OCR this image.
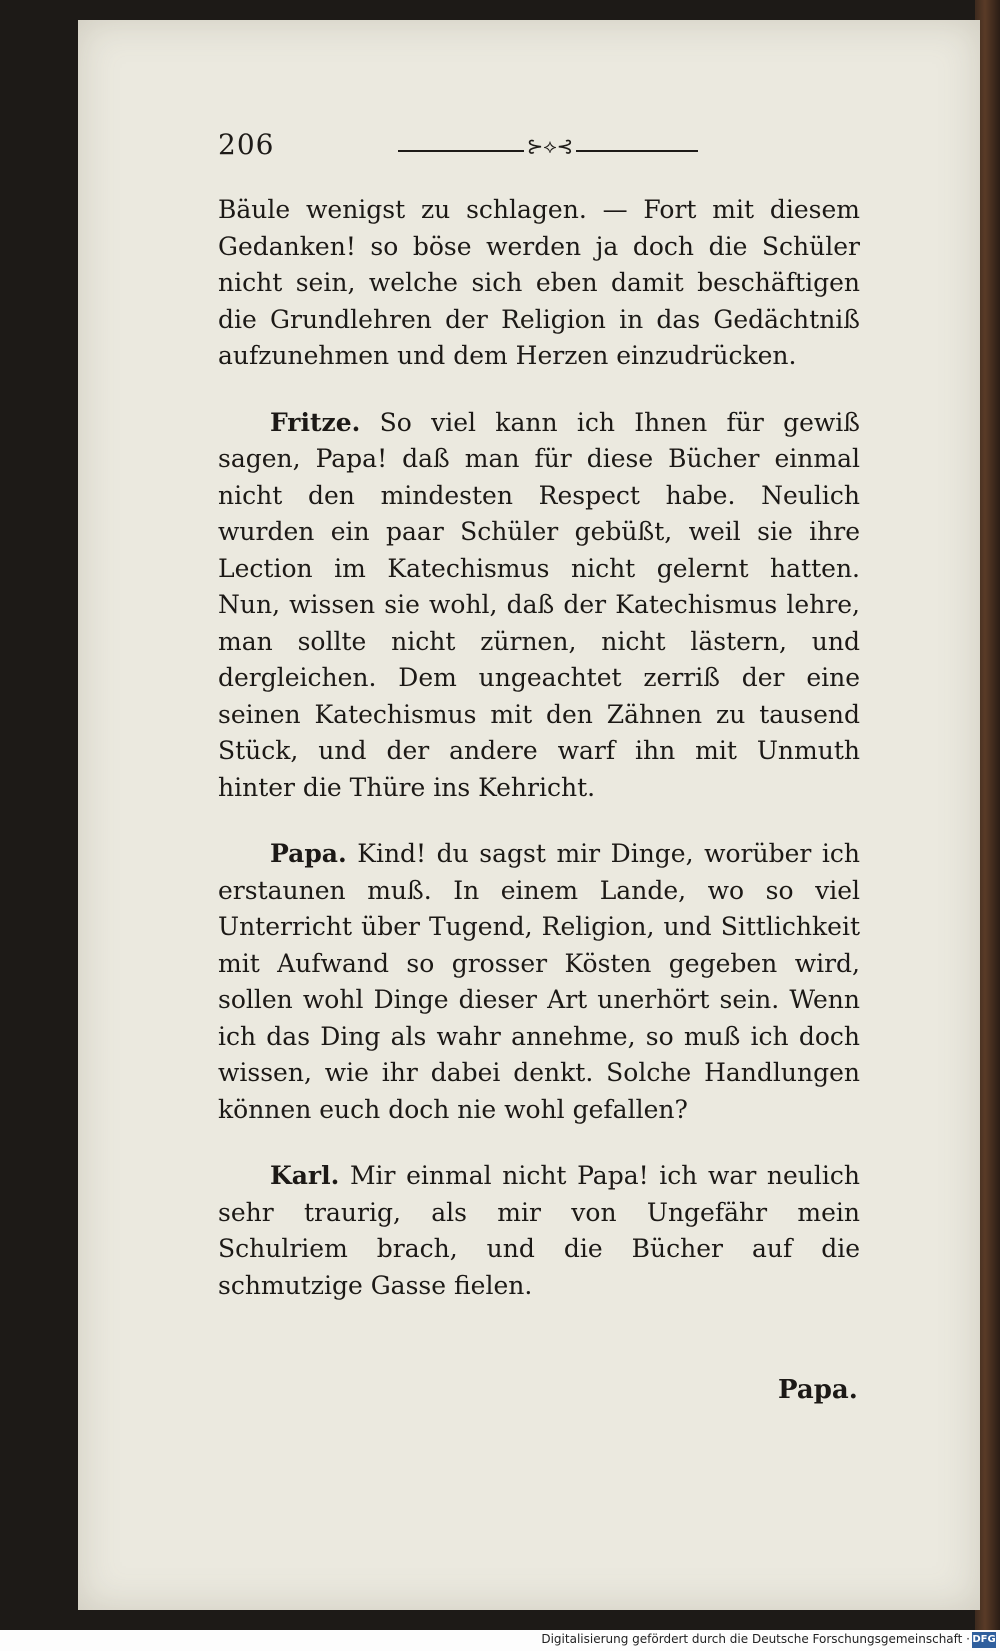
206	⊱⟡⊰

Bäule wenigst zu schlagen. — Fort mit diesem Gedanken! so böse werden ja doch die Schüler nicht sein, welche sich eben damit beschäftigen die Grundlehren der Religion in das Gedächtniß aufzunehmen und dem Herzen einzudrücken.

Fritze. So viel kann ich Ihnen für gewiß sagen, Papa! daß man für diese Bücher einmal nicht den mindesten Respect habe. Neulich wurden ein paar Schüler gebüßt, weil sie ihre Lection im Katechismus nicht gelernt hatten. Nun, wissen sie wohl, daß der Katechismus lehre, man sollte nicht zürnen, nicht lästern, und dergleichen. Dem ungeachtet zerriß der eine seinen Katechismus mit den Zähnen zu tausend Stück, und der andere warf ihn mit Unmuth hinter die Thüre ins Kehricht.

Papa. Kind! du sagst mir Dinge, worüber ich erstaunen muß. In einem Lande, wo so viel Unterricht über Tugend, Religion, und Sittlichkeit mit Aufwand so grosser Kösten gegeben wird, sollen wohl Dinge dieser Art unerhört sein. Wenn ich das Ding als wahr annehme, so muß ich doch wissen, wie ihr dabei denkt. Solche Handlungen können euch doch nie wohl gefallen?

Karl. Mir einmal nicht Papa! ich war neulich sehr traurig, als mir von Ungefähr mein Schulriem brach, und die Bücher auf die schmutzige Gasse fielen.

Papa.
Digitalisierung gefördert durch die Deutsche Forschungsgemeinschaft · DFG
